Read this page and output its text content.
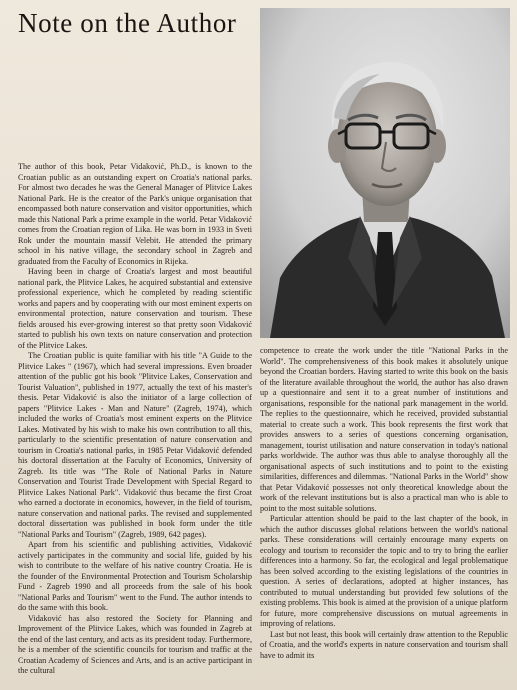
Note on the Author

The author of this book, Petar Vidaković, Ph.D., is known to the Croatian public as an outstanding expert on Croatia's national parks. For almost two decades he was the General Manager of Plitvice Lakes National Park. He is the creator of the Park's unique organisation that encompassed both nature conservation and visitor opportunities, which made this National Park a prime example in the world. Petar Vidaković comes from the Croatian region of Lika. He was born in 1933 in Sveti Rok under the mountain massif Velebit. He attended the primary school in his native village, the secondary school in Zagreb and graduated from the Faculty of Economics in Rijeka.

Having been in charge of Croatia's largest and most beautiful national park, the Plitvice Lakes, he acquired substantial and extensive professional experience, which he completed by reading scientific works and papers and by cooperating with our most eminent experts on environmental protection, nature conservation and tourism. These fields aroused his ever-growing interest so that pretty soon Vidaković started to publish his own texts on nature conservation and protection of the Plitvice Lakes.

The Croatian public is quite familiar with his title "A Guide to the Plitvice Lakes " (1967), which had several impressions. Even broader attention of the public got his book "Plitvice Lakes, Conservation and Tourist Valuation", published in 1977, actually the text of his master's thesis. Petar Vidaković is also the initiator of a large collection of papers "Plitvice Lakes - Man and Nature" (Zagreb, 1974), which included the works of Croatia's most eminent experts on the Plitvice Lakes. Motivated by his wish to make his own contribution to all this, particularly to the scientific presentation of nature conservation and tourism in Croatia's national parks, in 1985 Petar Vidaković defended his doctoral dissertation at the Faculty of Economics, University of Zagreb. Its title was "The Role of National Parks in Nature Conservation and Tourist Trade Development with Special Regard to Plitvice Lakes National Park". Vidaković thus became the first Croat who earned a doctorate in economics, however, in the field of tourism, nature conservation and national parks. The revised and supplemented doctoral dissertation was published in book form under the title "National Parks and Tourism" (Zagreb, 1989, 642 pages).

Apart from his scientific and publishing activities, Vidaković actively participates in the community and social life, guided by his wish to contribute to the welfare of his native country Croatia. He is the founder of the Environmental Protection and Tourism Scholarship Fund - Zagreb 1990 and all proceeds from the sale of his book "National Parks and Tourism" went to the Fund. The author intends to do the same with this book.

Vidaković has also restored the Society for Planning and Improvement of the Plitvice Lakes, which was founded in Zagreb at the end of the last century, and acts as its president today. Furthermore, he is a member of the scientific councils for tourism and traffic at the Croatian Academy of Sciences and Arts, and is an active participant in the cultural

competence to create the work under the title "National Parks in the World". The comprehensiveness of this book makes it absolutely unique beyond the Croatian borders. Having started to write this book on the basis of the literature available throughout the world, the author has also drawn up a questionnaire and sent it to a great number of institutions and organisations, responsible for the national park management in the world. The replies to the questionnaire, which he received, provided substantial material to create such a work. This book represents the first work that provides answers to a series of questions concerning organisation, management, tourist utilisation and nature conservation in today's national parks worldwide. The author was thus able to analyse thoroughly all the organisational aspects of such institutions and to point to the existing similarities, differences and dilemmas. "National Parks in the World" show that Petar Vidaković possesses not only theoretical knowledge about the work of the relevant institutions but is also a practical man who is able to point to the most suitable solutions.

Particular attention should be paid to the last chapter of the book, in which the author discusses global relations between the world's national parks. These considerations will certainly encourage many experts on ecology and tourism to reconsider the topic and to try to bring the earlier differences into a harmony. So far, the ecological and legal problematique has been solved according to the existing legislations of the countries in question. A series of declarations, adopted at higher instances, has contributed to mutual understanding but provided few solutions of the existing problems. This book is aimed at the provision of a unique platform for future, more comprehensive discussions on mutual agreements in improving of relations.

Last but not least, this book will certainly draw attention to the Republic of Croatia, and the world's experts in nature conservation and tourism shall have to admit its
